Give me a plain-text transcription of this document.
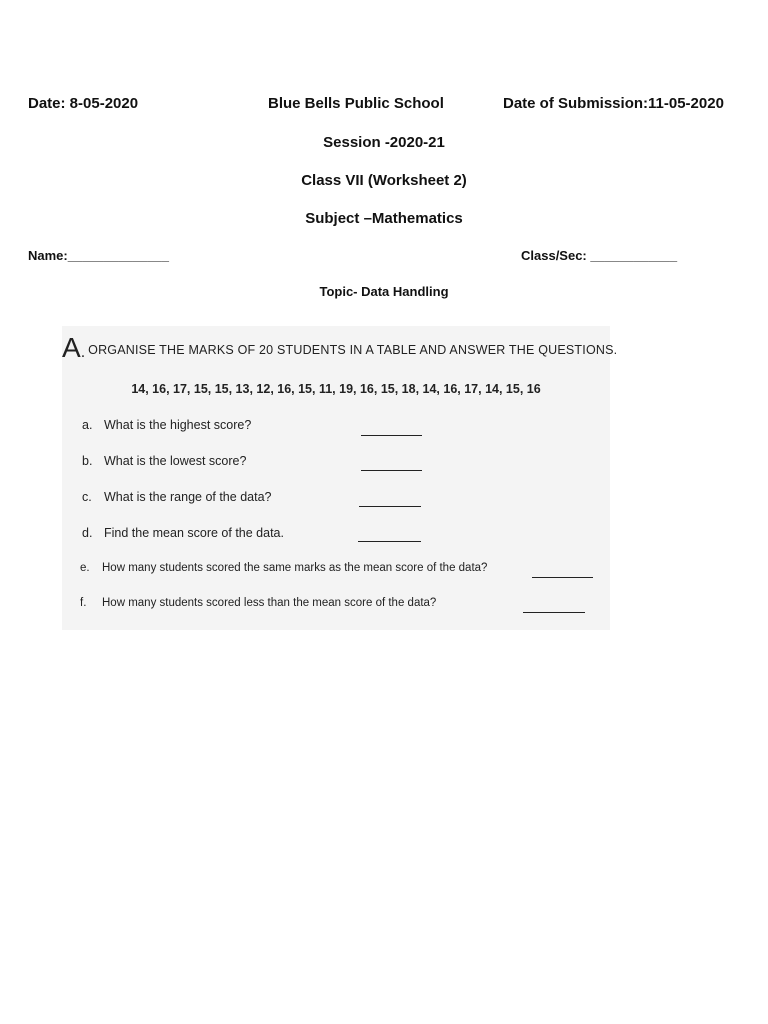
Date: 8-05-2020	Blue Bells Public School	Date of Submission:11-05-2020
Session -2020-21
Class VII (Worksheet 2)
Subject –Mathematics
Name:______________	Class/Sec: ____________
Topic- Data Handling
A. ORGANISE THE MARKS OF 20 STUDENTS IN A TABLE AND ANSWER THE QUESTIONS.
14, 16, 17, 15, 15, 13, 12, 16, 15, 11, 19, 16, 15, 18, 14, 16, 17, 14, 15, 16
a. What is the highest score?
b. What is the lowest score?
c. What is the range of the data?
d. Find the mean score of the data.
e. How many students scored the same marks as the mean score of the data?
f. How many students scored less than the mean score of the data?
